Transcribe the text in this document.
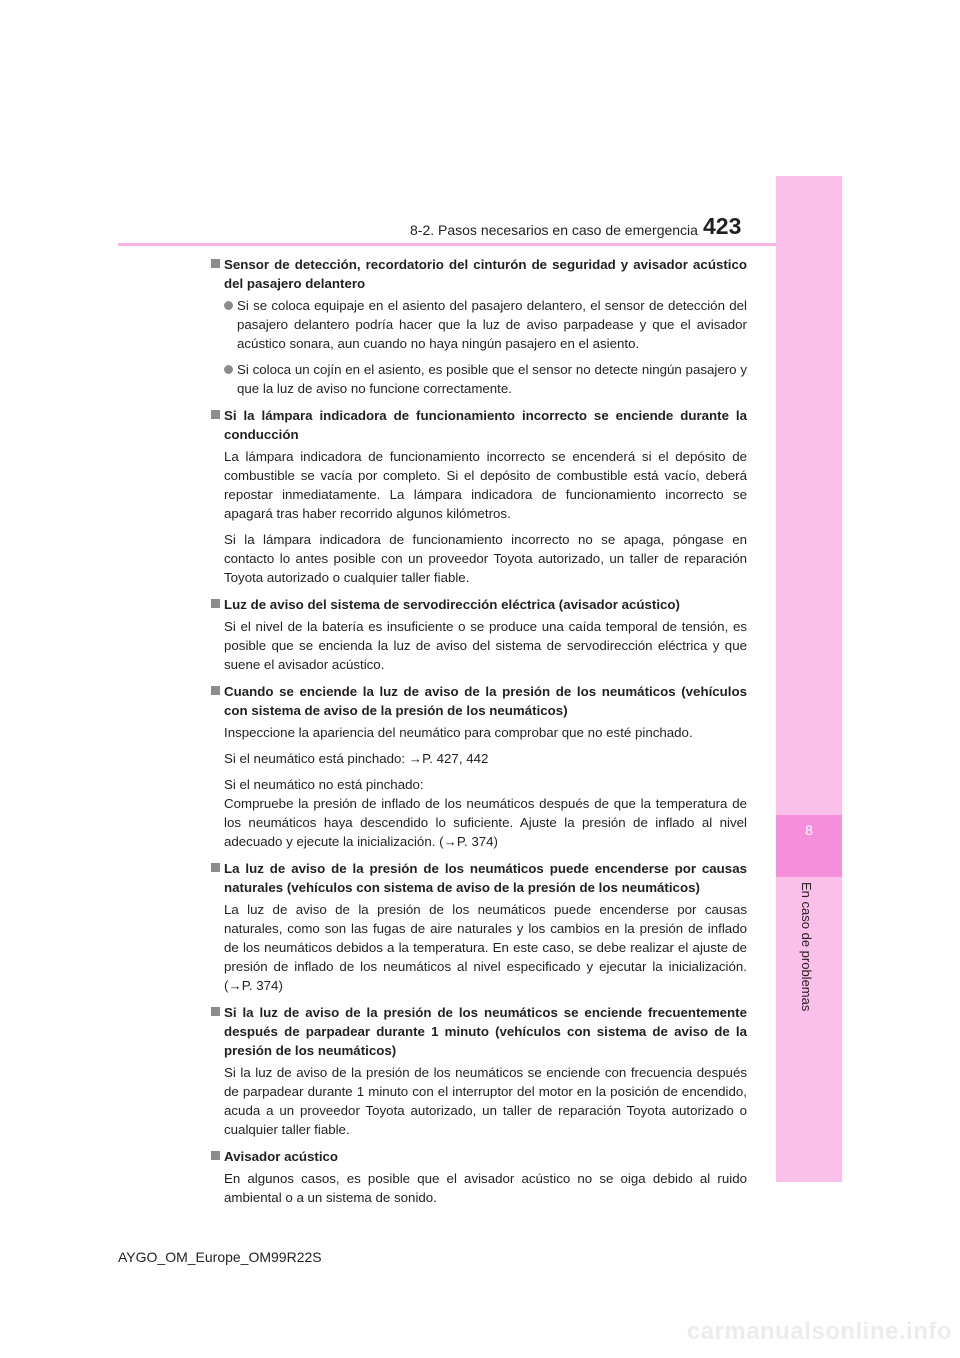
8
En caso de problemas
8-2. Pasos necesarios en caso de emergencia 423
Sensor de detección, recordatorio del cinturón de seguridad y avisador acústico del pasajero delantero
Si se coloca equipaje en el asiento del pasajero delantero, el sensor de detección del pasajero delantero podría hacer que la luz de aviso parpadease y que el avisador acústico sonara, aun cuando no haya ningún pasajero en el asiento.
Si coloca un cojín en el asiento, es posible que el sensor no detecte ningún pasajero y que la luz de aviso no funcione correctamente.
Si la lámpara indicadora de funcionamiento incorrecto se enciende durante la conducción
La lámpara indicadora de funcionamiento incorrecto se encenderá si el depósito de combustible se vacía por completo. Si el depósito de combustible está vacío, deberá repostar inmediatamente. La lámpara indicadora de funcionamiento incorrecto se apagará tras haber recorrido algunos kilómetros.
Si la lámpara indicadora de funcionamiento incorrecto no se apaga, póngase en contacto lo antes posible con un proveedor Toyota autorizado, un taller de reparación Toyota autorizado o cualquier taller fiable.
Luz de aviso del sistema de servodirección eléctrica (avisador acústico)
Si el nivel de la batería es insuficiente o se produce una caída temporal de tensión, es posible que se encienda la luz de aviso del sistema de servodirección eléctrica y que suene el avisador acústico.
Cuando se enciende la luz de aviso de la presión de los neumáticos (vehículos con sistema de aviso de la presión de los neumáticos)
Inspeccione la apariencia del neumático para comprobar que no esté pinchado.
Si el neumático está pinchado: →P. 427, 442
Si el neumático no está pinchado:
Compruebe la presión de inflado de los neumáticos después de que la temperatura de los neumáticos haya descendido lo suficiente. Ajuste la presión de inflado al nivel adecuado y ejecute la inicialización. (→P. 374)
La luz de aviso de la presión de los neumáticos puede encenderse por causas naturales (vehículos con sistema de aviso de la presión de los neumáticos)
La luz de aviso de la presión de los neumáticos puede encenderse por causas naturales, como son las fugas de aire naturales y los cambios en la presión de inflado de los neumáticos debidos a la temperatura. En este caso, se debe realizar el ajuste de presión de inflado de los neumáticos al nivel especificado y ejecutar la inicialización. (→P. 374)
Si la luz de aviso de la presión de los neumáticos se enciende frecuentemente después de parpadear durante 1 minuto (vehículos con sistema de aviso de la presión de los neumáticos)
Si la luz de aviso de la presión de los neumáticos se enciende con frecuencia después de parpadear durante 1 minuto con el interruptor del motor en la posición de encendido, acuda a un proveedor Toyota autorizado, un taller de reparación Toyota autorizado o cualquier taller fiable.
Avisador acústico
En algunos casos, es posible que el avisador acústico no se oiga debido al ruido ambiental o a un sistema de sonido.
AYGO_OM_Europe_OM99R22S
carmanualsonline.info
